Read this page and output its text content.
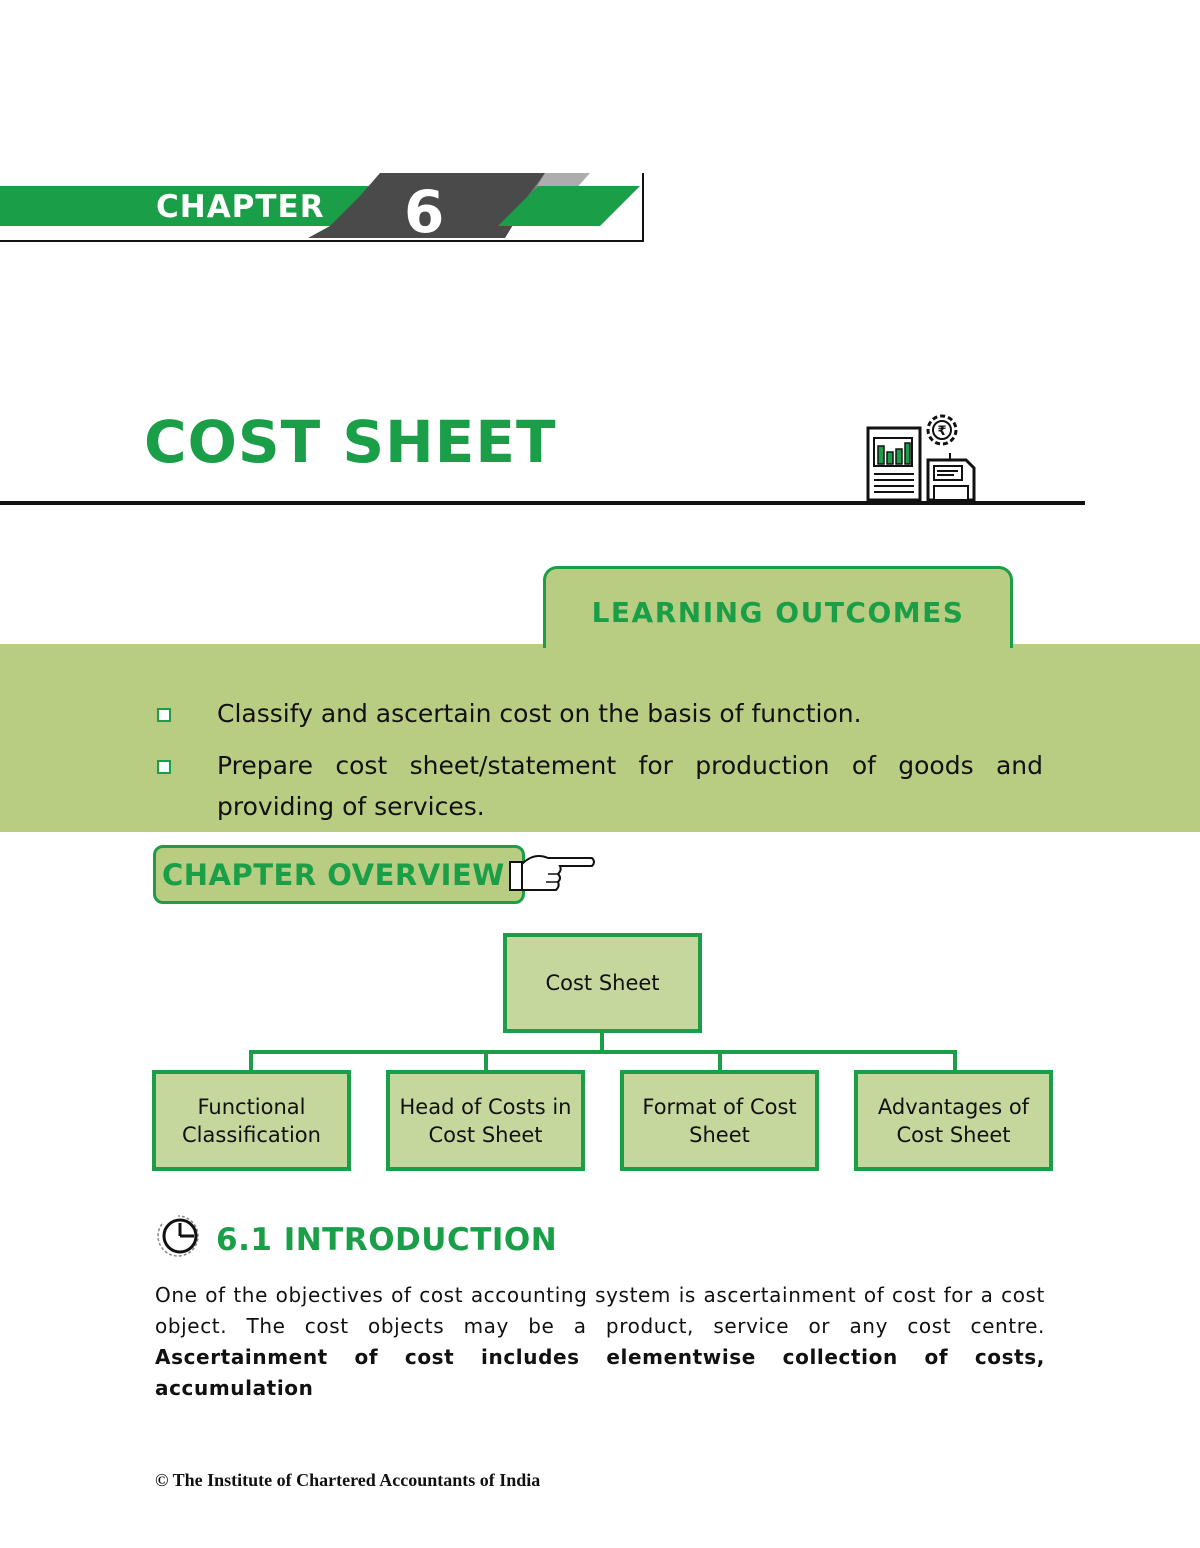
CHAPTER 6
COST SHEET	₹
LEARNING OUTCOMES
Classify and ascertain cost on the basis of function.
Prepare cost sheet/statement for production of goods and
providing of services.
CHAPTER OVERVIEW
Cost Sheet
Functional
Classification
Head of Costs in
Cost Sheet
Format of Cost
Sheet
Advantages of
Cost Sheet
6.1 INTRODUCTION
One of the objectives of cost accounting system is ascertainment of cost for a cost object. The cost objects may be a product, service or any cost centre. Ascertainment of cost includes elementwise collection of costs, accumulation
© The Institute of Chartered Accountants of India
